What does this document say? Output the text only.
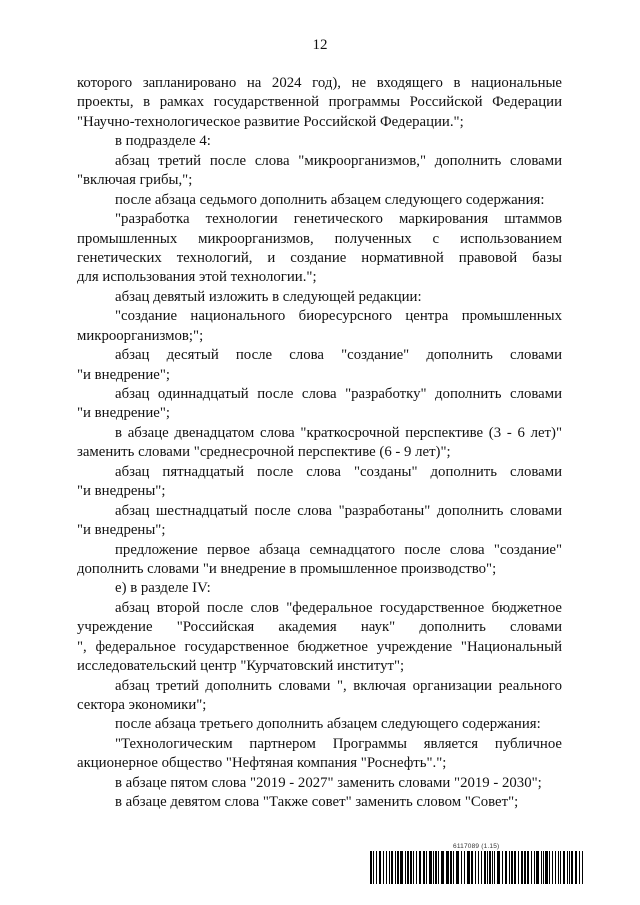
12
которого запланировано на 2024 год), не входящего в национальные
проекты, в рамках государственной программы Российской Федерации
"Научно-технологическое развитие Российской Федерации.";
в подразделе 4:
абзац третий после слова "микроорганизмов," дополнить словами
"включая грибы,";
после абзаца седьмого дополнить абзацем следующего содержания:
"разработка технологии генетического маркирования штаммов
промышленных микроорганизмов, полученных с использованием
генетических технологий, и создание нормативной правовой базы
для использования этой технологии.";
абзац девятый изложить в следующей редакции:
"создание национального биоресурсного центра промышленных
микроорганизмов;";
абзац десятый после слова "создание" дополнить словами
"и внедрение";
абзац одиннадцатый после слова "разработку" дополнить словами
"и внедрение";
в абзаце двенадцатом слова "краткосрочной перспективе (3 - 6 лет)"
заменить словами "среднесрочной перспективе (6 - 9 лет)";
абзац пятнадцатый после слова "созданы" дополнить словами
"и внедрены";
абзац шестнадцатый после слова "разработаны" дополнить словами
"и внедрены";
предложение первое абзаца семнадцатого после слова "создание"
дополнить словами "и внедрение в промышленное производство";
е) в разделе IV:
абзац второй после слов "федеральное государственное бюджетное
учреждение "Российская академия наук" дополнить словами
", федеральное государственное бюджетное учреждение "Национальный
исследовательский центр "Курчатовский институт";
абзац третий дополнить словами ", включая организации реального
сектора экономики";
после абзаца третьего дополнить абзацем следующего содержания:
"Технологическим партнером Программы является публичное
акционерное общество "Нефтяная компания "Роснефть".";
в абзаце пятом слова "2019 - 2027" заменить словами "2019 - 2030";
в абзаце девятом слова "Также совет" заменить словом "Совет";
6117089 (1.15)
